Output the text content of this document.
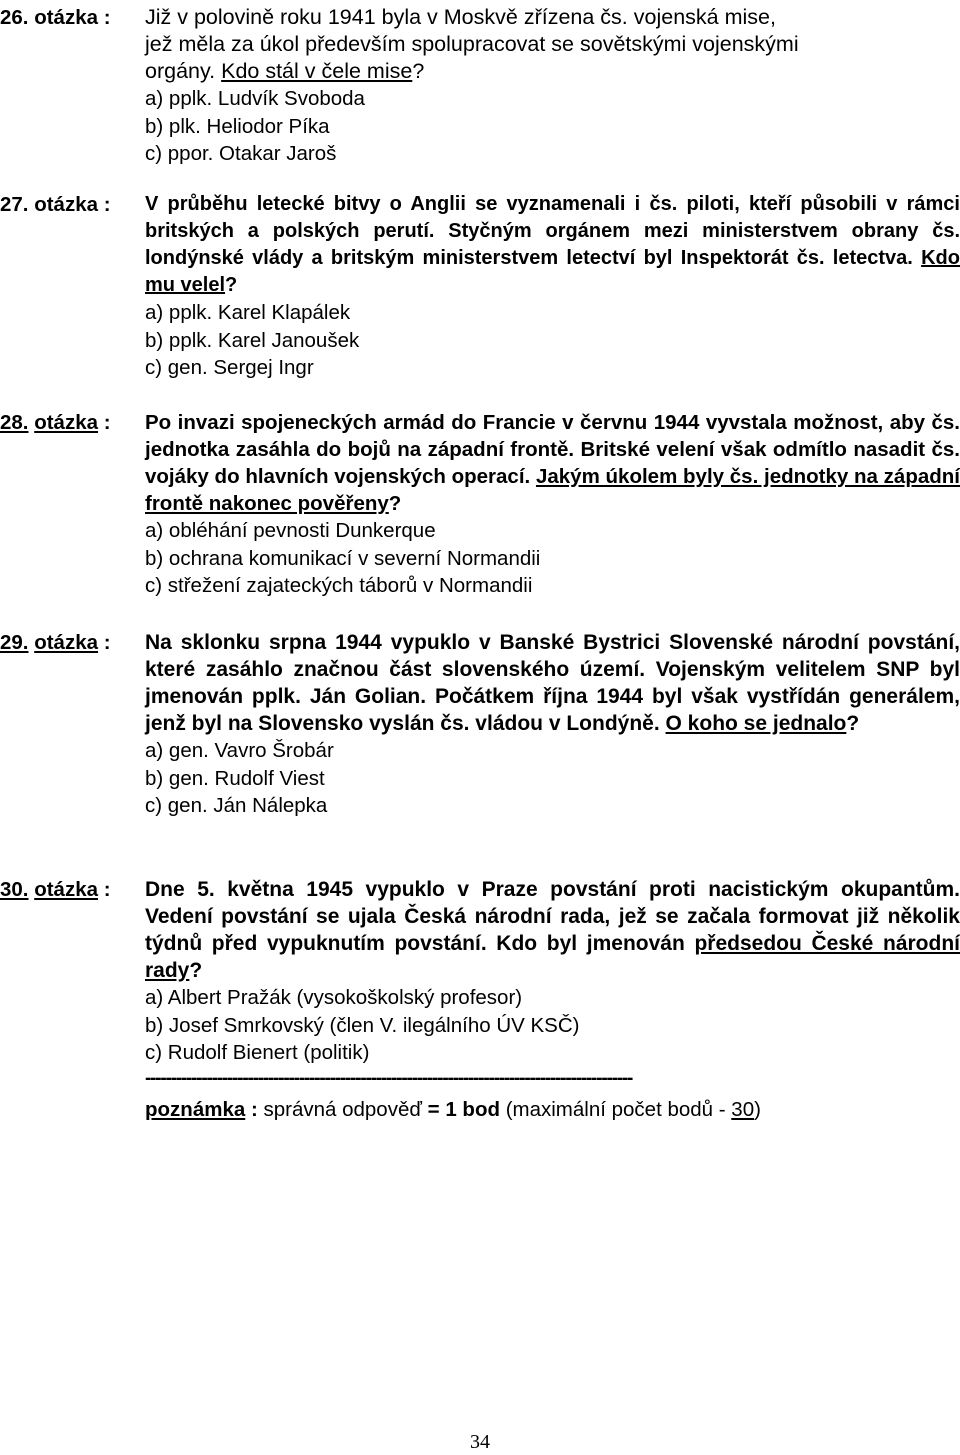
26. otázka : Již v polovině roku 1941 byla v Moskvě zřízena čs. vojenská mise,
jež měla za úkol především spolupracovat se sovětskými vojenskými
orgány. Kdo stál v čele mise?

a) pplk. Ludvík Svoboda
b) plk. Heliodor Píka
c) ppor. Otakar Jaroš
27. otázka : V průběhu letecké bitvy o Anglii se vyznamenali i čs. piloti, kteří působili v rámci britských a polských perutí. Styčným orgánem mezi ministerstvem obrany čs. londýnské vlády a britským ministerstvem letectví byl Inspektorát čs. letectva. Kdo mu velel?

a) pplk. Karel Klapálek
b) pplk. Karel Janoušek
c) gen. Sergej Ingr
28. otázka : Po invazi spojeneckých armád do Francie v červnu 1944 vyvstala možnost, aby čs. jednotka zasáhla do bojů na západní frontě. Britské velení však odmítlo nasadit čs. vojáky do hlavních vojenských operací. Jakým úkolem byly čs. jednotky na západní frontě nakonec pověřeny?

a) obléhání pevnosti Dunkerque
b) ochrana komunikací v severní Normandii
c) střežení zajateckých táborů v Normandii
29. otázka : Na sklonku srpna 1944 vypuklo v Banské Bystrici Slovenské národní povstání, které zasáhlo značnou část slovenského území. Vojenským velitelem SNP byl jmenován pplk. Ján Golian. Počátkem října 1944 byl však vystřídán generálem, jenž byl na Slovensko vyslán čs. vládou v Londýně. O koho se jednalo?

a) gen. Vavro Šrobár
b) gen. Rudolf Viest
c) gen. Ján Nálepka
30. otázka : Dne 5. května 1945 vypuklo v Praze povstání proti nacistickým okupantům. Vedení povstání se ujala Česká národní rada, jež se začala formovat již několik týdnů před vypuknutím povstání. Kdo byl jmenován předsedou České národní rady?

a) Albert Pražák (vysokoškolský profesor)
b) Josef Smrkovský (člen V. ilegálního ÚV KSČ)
c) Rudolf Bienert (politik)
-----------------------------------------------------------------------------------------------
poznámka : správná odpověď = 1 bod (maximální počet bodů - 30)
34
